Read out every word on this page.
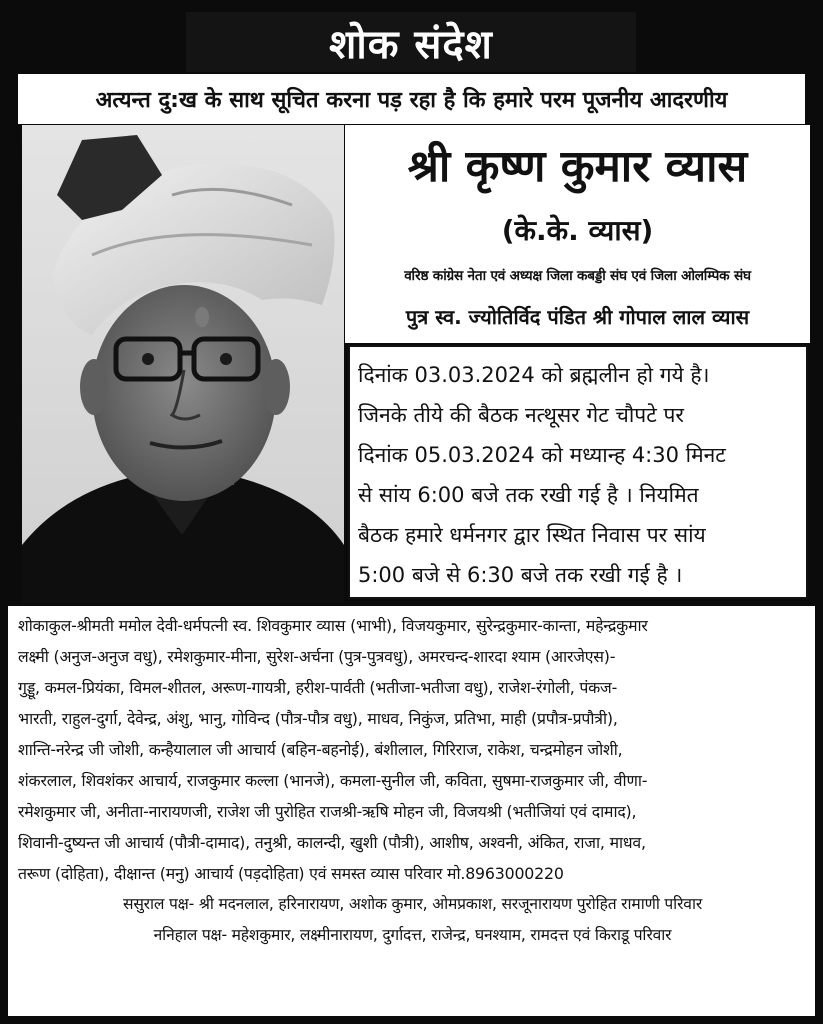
शोक संदेश
अत्यन्त दु:ख के साथ सूचित करना पड़ रहा है कि हमारे परम पूजनीय आदरणीय
श्री कृष्ण कुमार व्यास
(के.के. व्यास)
वरिष्ठ कांग्रेस नेता एवं अध्यक्ष जिला कबड्डी संघ एवं जिला ओलम्पिक संघ
पुत्र स्व. ज्योतिर्विद पंडित श्री गोपाल लाल व्यास
दिनांक 03.03.2024 को ब्रह्मलीन हो गये है।
जिनके तीये की बैठक नत्थूसर गेट चौपटे पर
दिनांक 05.03.2024 को मध्यान्ह 4:30 मिनट
से सांय 6:00 बजे तक रखी गई है । नियमित
बैठक हमारे धर्मनगर द्वार स्थित निवास पर सांय
5:00 बजे से 6:30 बजे तक रखी गई है ।
शोकाकुल-श्रीमती ममोल देवी-धर्मपत्नी स्व. शिवकुमार व्यास (भाभी), विजयकुमार, सुरेन्द्रकुमार-कान्ता, महेन्द्रकुमार
लक्ष्मी (अनुज-अनुज वधु), रमेशकुमार-मीना, सुरेश-अर्चना (पुत्र-पुत्रवधु), अमरचन्द-शारदा श्याम (आरजेएस)-
गुड्डू, कमल-प्रियंका, विमल-शीतल, अरूण-गायत्री, हरीश-पार्वती (भतीजा-भतीजा वधु), राजेश-रंगोली, पंकज-
भारती, राहुल-दुर्गा, देवेन्द्र, अंशु, भानु, गोविन्द (पौत्र-पौत्र वधु), माधव, निकुंज, प्रतिभा, माही (प्रपौत्र-प्रपौत्री),
शान्ति-नरेन्द्र जी जोशी, कन्हैयालाल जी आचार्य (बहिन-बहनोई), बंशीलाल, गिरिराज, राकेश, चन्द्रमोहन जोशी,
शंकरलाल, शिवशंकर आचार्य, राजकुमार कल्ला (भानजे), कमला-सुनील जी, कविता, सुषमा-राजकुमार जी, वीणा-
रमेशकुमार जी, अनीता-नारायणजी, राजेश जी पुरोहित राजश्री-ऋषि मोहन जी, विजयश्री (भतीजियां एवं दामाद),
शिवानी-दुष्यन्त जी आचार्य (पौत्री-दामाद), तनुश्री, कालन्दी, खुशी (पौत्री), आशीष, अश्वनी, अंकित, राजा, माधव,
तरूण (दोहिता), दीक्षान्त (मनु) आचार्य (पड़दोहिता) एवं समस्त व्यास परिवार मो.8963000220
ससुराल पक्ष- श्री मदनलाल, हरिनारायण, अशोक कुमार, ओमप्रकाश, सरजूनारायण पुरोहित रामाणी परिवार
ननिहाल पक्ष- महेशकुमार, लक्ष्मीनारायण, दुर्गादत्त, राजेन्द्र, घनश्याम, रामदत्त एवं किराडू परिवार
